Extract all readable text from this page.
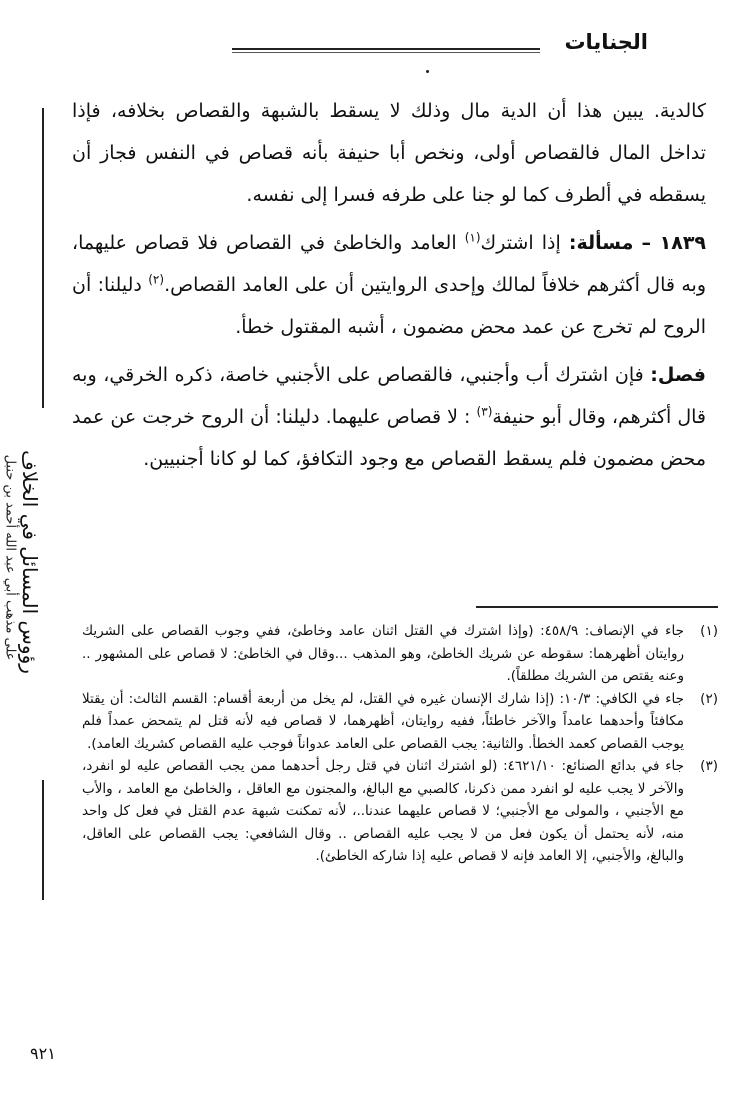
الجنايات
رؤوس المسائل في الخلاف
على مذهب أبي عبد الله أحمد بن حنبل

كالدية. يبين هذا أن الدية مال وذلك لا يسقط بالشبهة والقصاص بخلافه، فإذا تداخل المال فالقصاص أولى، ونخص أبا حنيفة بأنه قصاص في النفس فجاز أن يسقطه في ألطرف كما لو جنا على طرفه فسرا إلى نفسه.

١٨٣٩ – مسألة: إذا اشترك$^{(١)}$ العامد والخاطئ في القصاص فلا قصاص عليهما، وبه قال أكثرهم خلافاً لمالك وإحدى الروايتين أن على العامد القصاص.$^{(٢)}$ دليلنا: أن الروح لم تخرج عن عمد محض مضمون ، أشبه المقتول خطأ.

فصل: فإن اشترك أب وأجنبي، فالقصاص على الأجنبي خاصة، ذكره الخرقي، وبه قال أكثرهم، وقال أبو حنيفة$^{(٣)}$ : لا قصاص عليهما. دليلنا: أن الروح خرجت عن عمد محض مضمون فلم يسقط القصاص مع وجود التكافؤ، كما لو كانا أجنبيين.

(١)
جاء في الإنصاف: ٤٥٨/٩: (وإذا اشترك في القتل اثنان عامد وخاطئ، ففي وجوب القصاص على الشريك روايتان أظهرهما: سقوطه عن شريك الخاطئ، وهو المذهب ...وقال في الخاطئ: لا قصاص على المشهور .. وعنه يقتص من الشريك مطلقاً).

(٢)
جاء في الكافي: ١٠/٣: (إذا شارك الإنسان غيره في القتل، لم يخل من أربعة أقسام: القسم الثالث: أن يقتلا مكافئاً وأحدهما عامداً والآخر خاطئاً، ففيه روايتان، أظهرهما، لا قصاص فيه لأنه قتل لم يتمحض عمداً فلم يوجب القصاص كعمد الخطأ. والثانية: يجب القصاص على العامد عدواناً فوجب عليه القصاص كشريك العامد).

(٣)
جاء في بدائع الصنائع: ٤٦٢١/١٠: (لو اشترك اثنان في قتل رجل أحدهما ممن يجب القصاص عليه لو انفرد، والآخر لا يجب عليه لو انفرد ممن ذكرنا، كالصبي مع البالغ، والمجنون مع العاقل ، والخاطئ مع العامد ، والأب مع الأجنبي ، والمولى مع الأجنبي؛ لا قصاص عليهما عندنا..، لأنه تمكنت شبهة عدم القتل في فعل كل واحد منه، لأنه يحتمل أن يكون فعل من لا يجب عليه القصاص .. وقال الشافعي: يجب القصاص على العاقل، والبالغ، والأجنبي، إلا العامد فإنه لا قصاص عليه إذا شاركه الخاطئ).

٩٢١
